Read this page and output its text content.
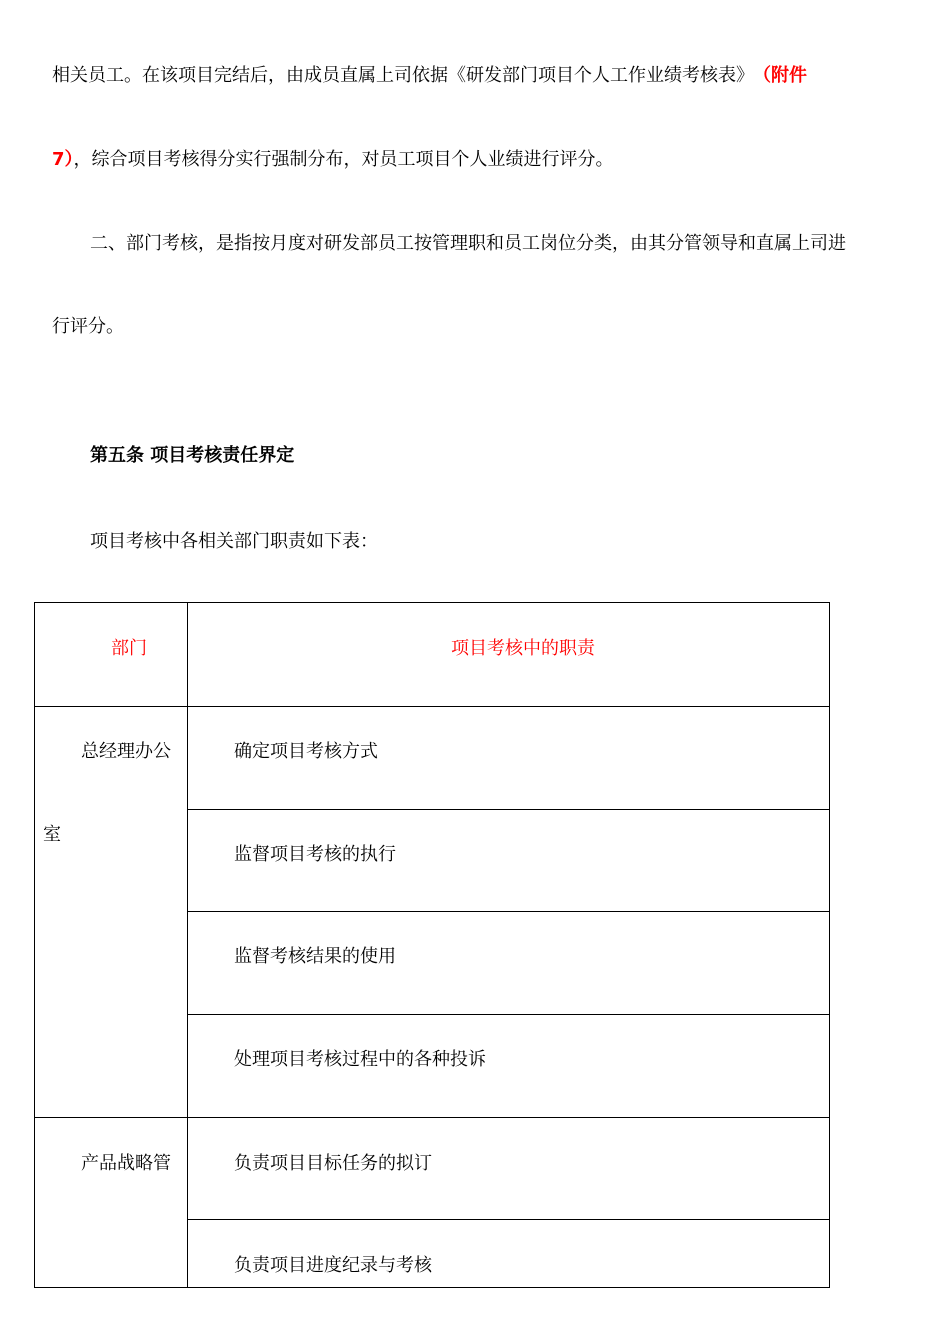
相关员工。在该项目完结后，由成员直属上司依据《研发部门项目个人工作业绩考核表》 （附件
7），综合项目考核得分实行强制分布，对员工项目个人业绩进行评分。
二、部门考核，是指按月度对研发部员工按管理职和员工岗位分类，由其分管领导和直属上司进
行评分。
第五条 项目考核责任界定
项目考核中各相关部门职责如下表：
部门	项目考核中的职责
总经理办公
室
确定项目考核方式
监督项目考核的执行
监督考核结果的使用
处理项目考核过程中的各种投诉
产品战略管	负责项目目标任务的拟订
负责项目进度纪录与考核
